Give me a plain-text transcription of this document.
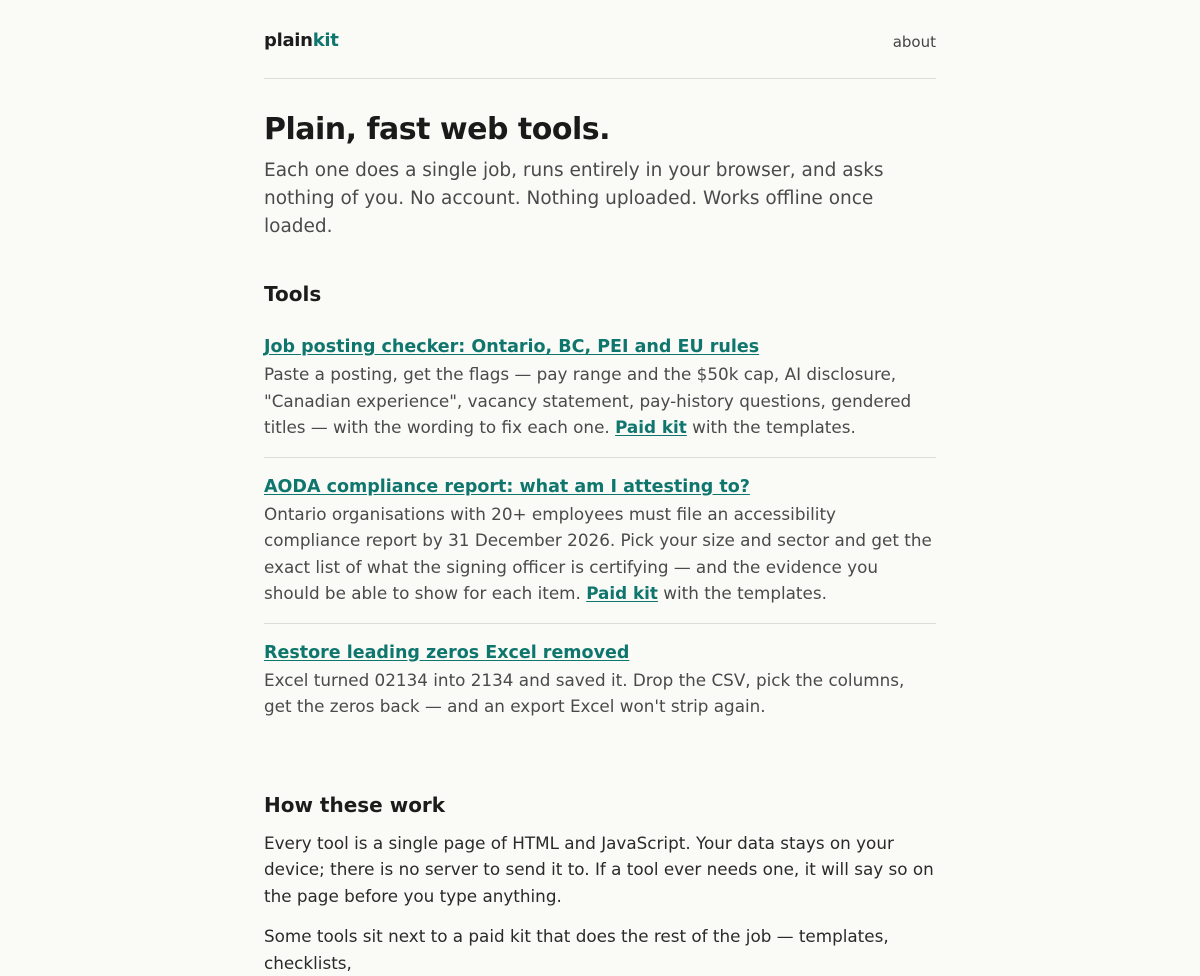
plainkit	about
Plain, fast web tools.

Each one does a single job, runs entirely in your browser, and asks nothing of you. No account. Nothing uploaded. Works offline once loaded.

Tools
Job posting checker: Ontario, BC, PEI and EU rules

Paste a posting, get the flags — pay range and the $50k cap, AI disclosure, "Canadian experience", vacancy statement, pay-history questions, gendered titles — with the wording to fix each one. Paid kit with the templates.

AODA compliance report: what am I attesting to?

Ontario organisations with 20+ employees must file an accessibility compliance report by 31 December 2026. Pick your size and sector and get the exact list of what the signing officer is certifying — and the evidence you should be able to show for each item. Paid kit with the templates.

Restore leading zeros Excel removed

Excel turned 02134 into 2134 and saved it. Drop the CSV, pick the columns, get the zeros back — and an export Excel won't strip again.

How these work

Every tool is a single page of HTML and JavaScript. Your data stays on your device; there is no server to send it to. If a tool ever needs one, it will say so on the page before you type anything.

Some tools sit next to a paid kit that does the rest of the job — templates, checklists,
